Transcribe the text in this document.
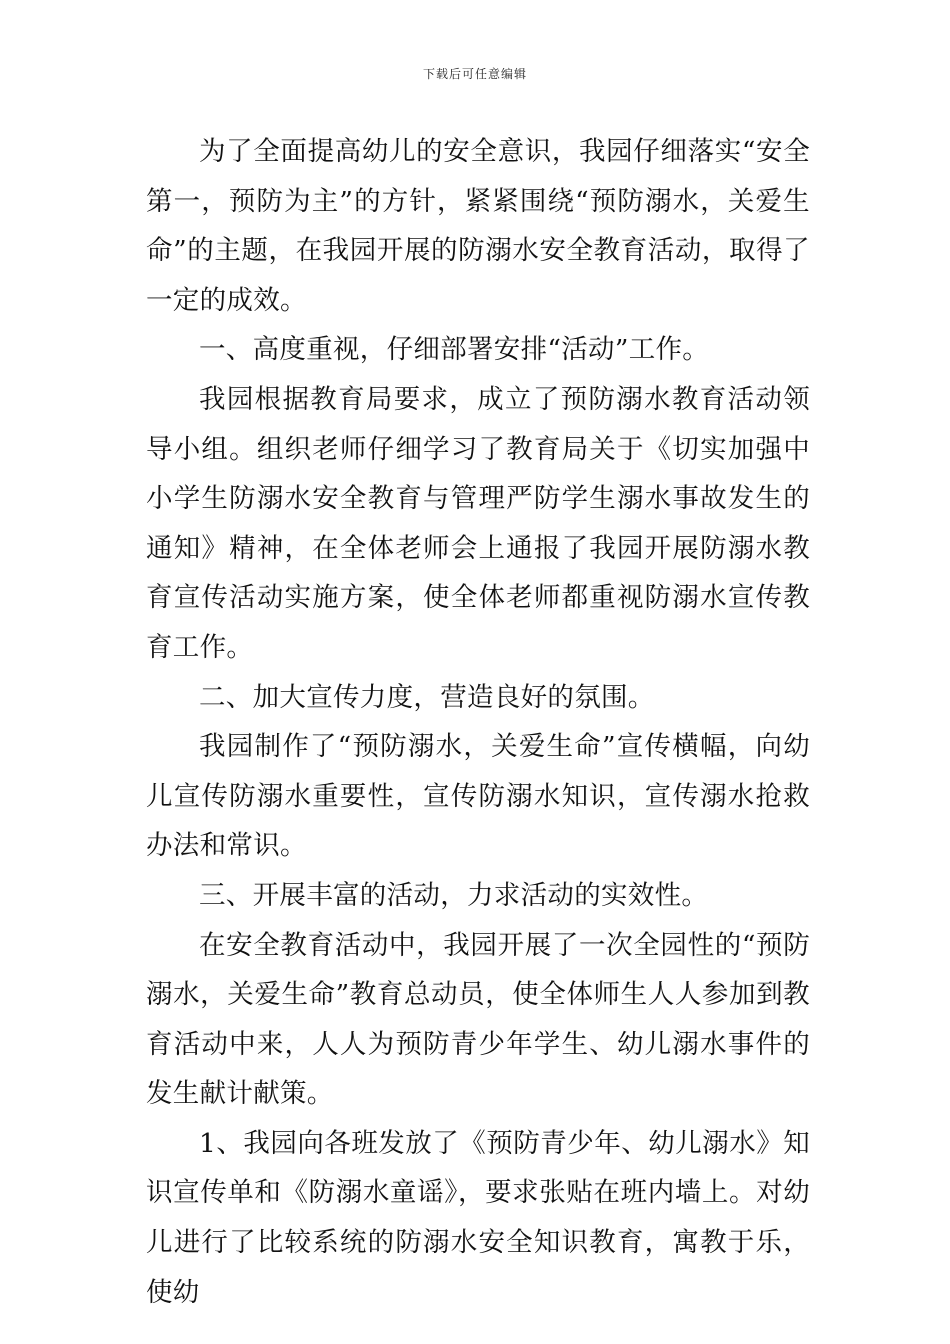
下载后可任意编辑

为了全面提高幼儿的安全意识，我园仔细落实“安全第一，预防为主”的方针，紧紧围绕“预防溺水，关爱生命”的主题，在我园开展的防溺水安全教育活动，取得了一定的成效。

一、高度重视，仔细部署安排“活动”工作。

我园根据教育局要求，成立了预防溺水教育活动领导小组。组织老师仔细学习了教育局关于《切实加强中小学生防溺水安全教育与管理严防学生溺水事故发生的通知》精神，在全体老师会上通报了我园开展防溺水教育宣传活动实施方案，使全体老师都重视防溺水宣传教育工作。

二、加大宣传力度，营造良好的氛围。

我园制作了“预防溺水，关爱生命”宣传横幅，向幼儿宣传防溺水重要性，宣传防溺水知识，宣传溺水抢救办法和常识。

三、开展丰富的活动，力求活动的实效性。

在安全教育活动中，我园开展了一次全园性的“预防溺水，关爱生命”教育总动员，使全体师生人人参加到教育活动中来，人人为预防青少年学生、幼儿溺水事件的发生献计献策。

1、我园向各班发放了《预防青少年、幼儿溺水》知识宣传单和《防溺水童谣》，要求张贴在班内墙上。对幼儿进行了比较系统的防溺水安全知识教育，寓教于乐，使幼
